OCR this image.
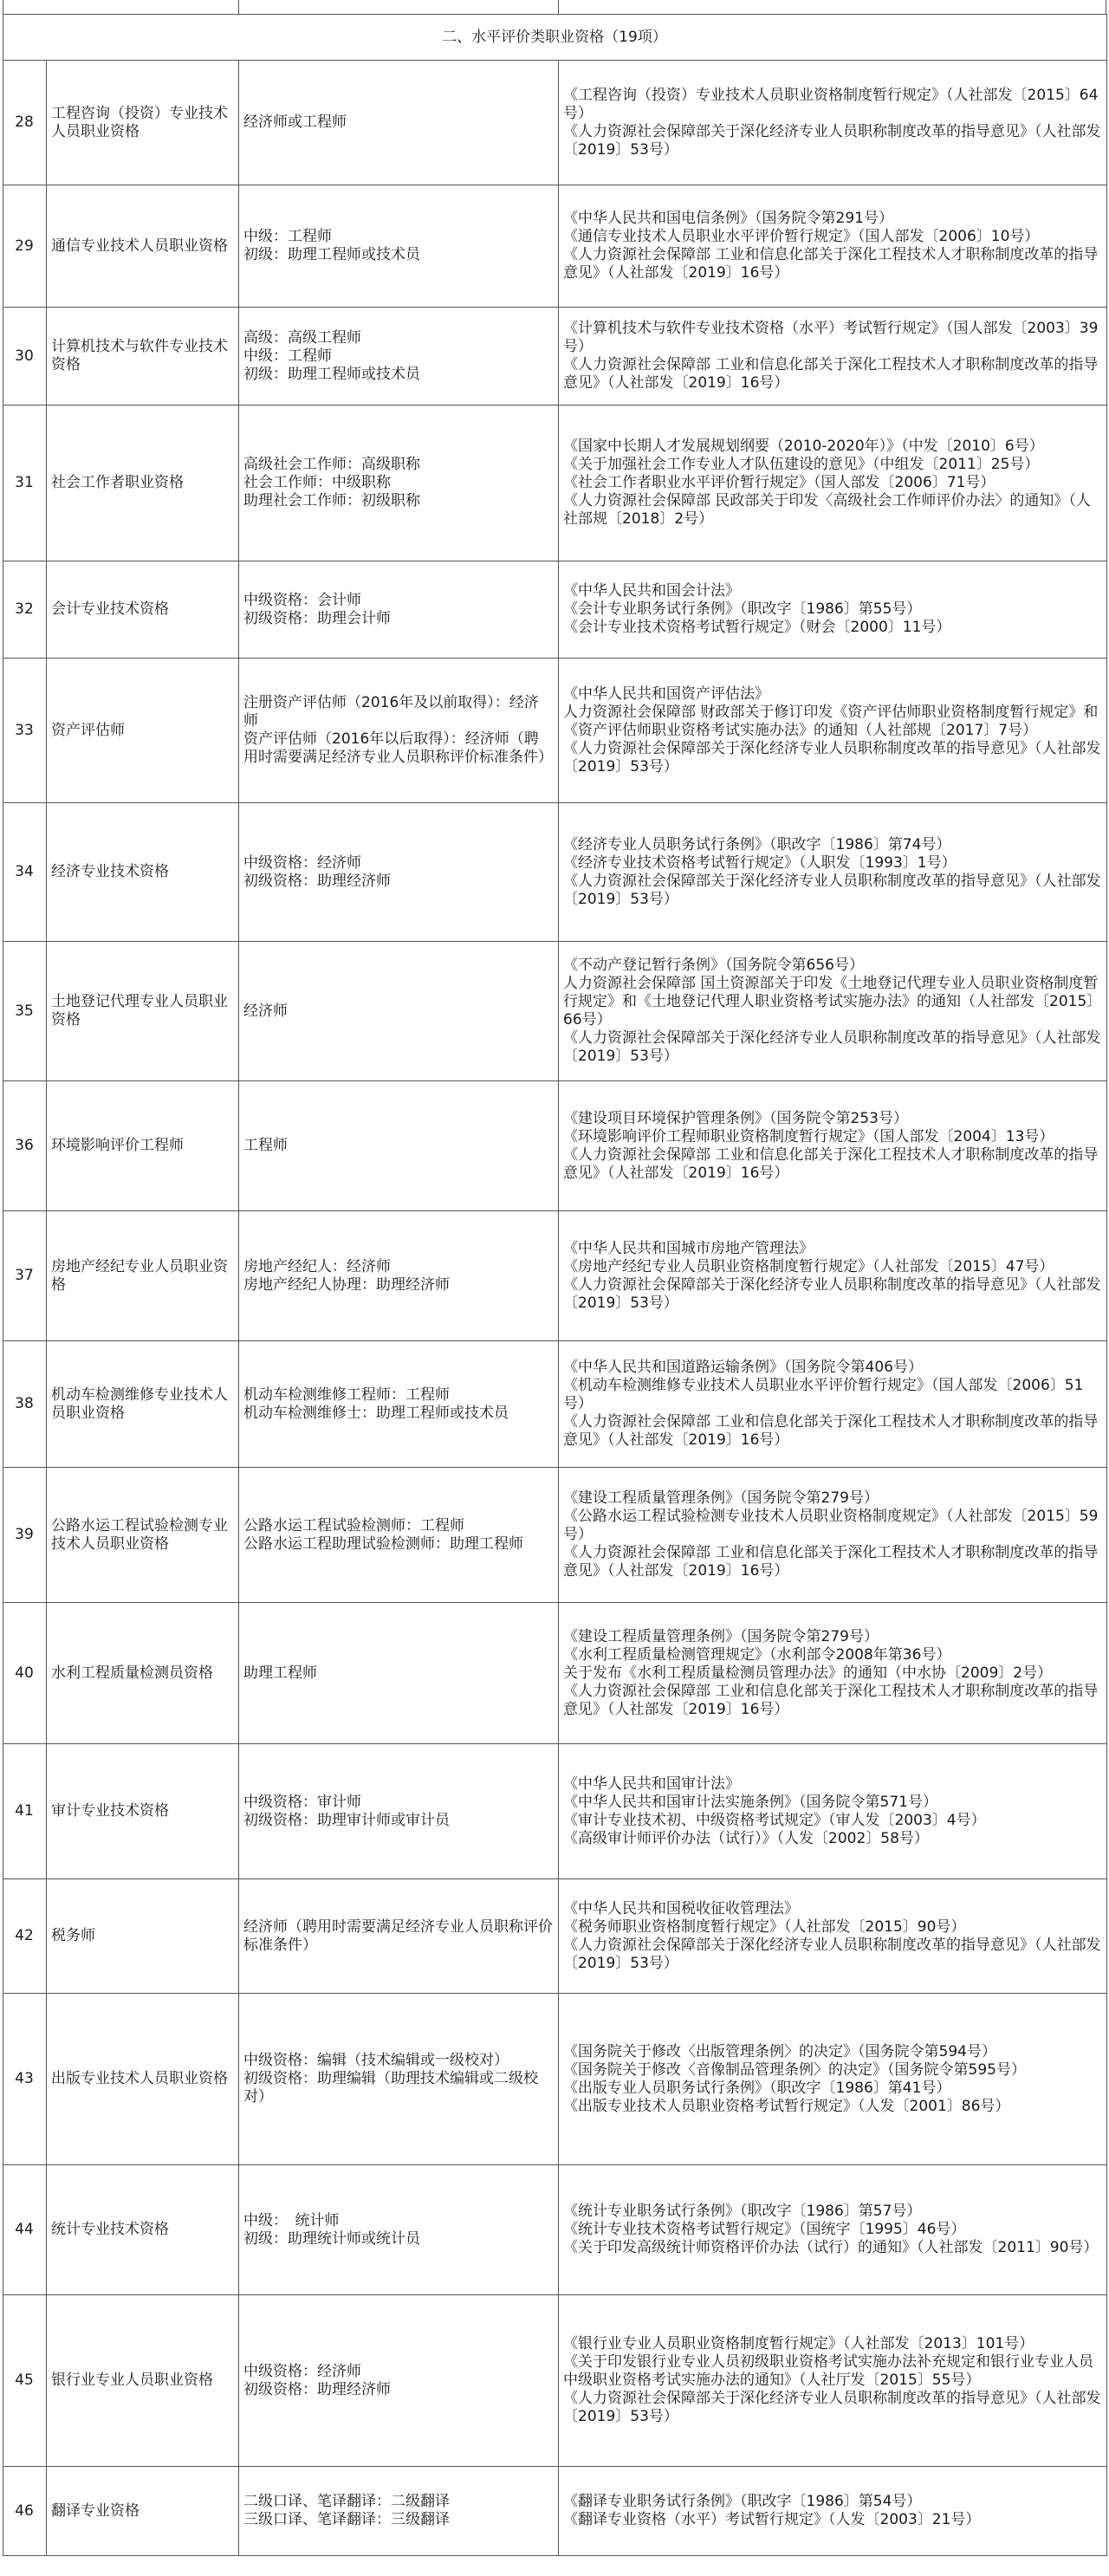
二、水平评价类职业资格（19项）			
28	工程咨询（投资）专业技术人员职业资格	经济师或工程师	《工程咨询（投资）专业技术人员职业资格制度暂行规定》（人社部发〔2015〕64号）
《人力资源社会保障部关于深化经济专业人员职称制度改革的指导意见》（人社部发〔2019〕53号）

29	通信专业技术人员职业资格	中级：工程师
初级：助理工程师或技术员	《中华人民共和国电信条例》（国务院令第291号）
《通信专业技术人员职业水平评价暂行规定》（国人部发〔2006〕10号）
《人力资源社会保障部 工业和信息化部关于深化工程技术人才职称制度改革的指导意见》（人社部发〔2019〕16号）

30	计算机技术与软件专业技术资格	高级：高级工程师
中级：工程师
初级：助理工程师或技术员	《计算机技术与软件专业技术资格（水平）考试暂行规定》（国人部发〔2003〕39号）
《人力资源社会保障部 工业和信息化部关于深化工程技术人才职称制度改革的指导意见》（人社部发〔2019〕16号）

31	社会工作者职业资格	高级社会工作师：高级职称
社会工作师：中级职称
助理社会工作师：初级职称	《国家中长期人才发展规划纲要（2010-2020年）》（中发〔2010〕6号）
《关于加强社会工作专业人才队伍建设的意见》（中组发〔2011〕25号）
《社会工作者职业水平评价暂行规定》（国人部发〔2006〕71号）
《人力资源社会保障部 民政部关于印发〈高级社会工作师评价办法〉的通知》（人社部规〔2018〕2号）

32	会计专业技术资格	中级资格：会计师
初级资格：助理会计师	《中华人民共和国会计法》
《会计专业职务试行条例》（职改字〔1986〕第55号）
《会计专业技术资格考试暂行规定》（财会〔2000〕11号）

33	资产评估师	注册资产评估师（2016年及以前取得）：经济师
资产评估师（2016年以后取得）：经济师（聘用时需要满足经济专业人员职称评价标准条件）	《中华人民共和国资产评估法》
人力资源社会保障部 财政部关于修订印发《资产评估师职业资格制度暂行规定》和《资产评估师职业资格考试实施办法》的通知（人社部规〔2017〕7号）
《人力资源社会保障部关于深化经济专业人员职称制度改革的指导意见》（人社部发〔2019〕53号）

34	经济专业技术资格	中级资格：经济师
初级资格：助理经济师	《经济专业人员职务试行条例》（职改字〔1986〕第74号）
《经济专业技术资格考试暂行规定》（人职发〔1993〕1号）
《人力资源社会保障部关于深化经济专业人员职称制度改革的指导意见》（人社部发〔2019〕53号）

35	土地登记代理专业人员职业资格	经济师	《不动产登记暂行条例》（国务院令第656号）
人力资源社会保障部 国土资源部关于印发《土地登记代理专业人员职业资格制度暂行规定》和《土地登记代理人职业资格考试实施办法》的通知（人社部发〔2015〕66号）
《人力资源社会保障部关于深化经济专业人员职称制度改革的指导意见》（人社部发〔2019〕53号）

36	环境影响评价工程师	工程师	《建设项目环境保护管理条例》（国务院令第253号）
《环境影响评价工程师职业资格制度暂行规定》（国人部发〔2004〕13号）
《人力资源社会保障部 工业和信息化部关于深化工程技术人才职称制度改革的指导意见》（人社部发〔2019〕16号）

37	房地产经纪专业人员职业资格	房地产经纪人：经济师
房地产经纪人协理：助理经济师	《中华人民共和国城市房地产管理法》
《房地产经纪专业人员职业资格制度暂行规定》（人社部发〔2015〕47号）
《人力资源社会保障部关于深化经济专业人员职称制度改革的指导意见》（人社部发〔2019〕53号）

38	机动车检测维修专业技术人员职业资格	机动车检测维修工程师：工程师
机动车检测维修士：助理工程师或技术员	《中华人民共和国道路运输条例》（国务院令第406号）
《机动车检测维修专业技术人员职业水平评价暂行规定》（国人部发〔2006〕51号）
《人力资源社会保障部 工业和信息化部关于深化工程技术人才职称制度改革的指导意见》（人社部发〔2019〕16号）

39	公路水运工程试验检测专业技术人员职业资格	公路水运工程试验检测师：工程师
公路水运工程助理试验检测师：助理工程师	《建设工程质量管理条例》（国务院令第279号）
《公路水运工程试验检测专业技术人员职业资格制度规定》（人社部发〔2015〕59号）
《人力资源社会保障部 工业和信息化部关于深化工程技术人才职称制度改革的指导意见》（人社部发〔2019〕16号）

40	水利工程质量检测员资格	助理工程师	《建设工程质量管理条例》（国务院令第279号）
《水利工程质量检测管理规定》（水利部令2008年第36号）
关于发布《水利工程质量检测员管理办法》的通知（中水协〔2009〕2号）
《人力资源社会保障部 工业和信息化部关于深化工程技术人才职称制度改革的指导意见》（人社部发〔2019〕16号）

41	审计专业技术资格	中级资格：审计师
初级资格：助理审计师或审计员	《中华人民共和国审计法》
《中华人民共和国审计法实施条例》（国务院令第571号）
《审计专业技术初、中级资格考试规定》（审人发〔2003〕4号）
《高级审计师评价办法（试行）》（人发〔2002〕58号）

42	税务师	经济师（聘用时需要满足经济专业人员职称评价标准条件）	《中华人民共和国税收征收管理法》
《税务师职业资格制度暂行规定》（人社部发〔2015〕90号）
《人力资源社会保障部关于深化经济专业人员职称制度改革的指导意见》（人社部发〔2019〕53号）

43	出版专业技术人员职业资格	中级资格：编辑（技术编辑或一级校对）
初级资格：助理编辑（助理技术编辑或二级校对）	《国务院关于修改〈出版管理条例〉的决定》（国务院令第594号）
《国务院关于修改〈音像制品管理条例〉的决定》（国务院令第595号）
《出版专业人员职务试行条例》（职改字〔1986〕第41号）
《出版专业技术人员职业资格考试暂行规定》（人发〔2001〕86号）

44	统计专业技术资格	中级：　统计师
初级：助理统计师或统计员	《统计专业职务试行条例》（职改字〔1986〕第57号）
《统计专业技术资格考试暂行规定》（国统字〔1995〕46号）
《关于印发高级统计师资格评价办法（试行）的通知》（人社部发〔2011〕90号）

45	银行业专业人员职业资格	中级资格：经济师
初级资格：助理经济师	《银行业专业人员职业资格制度暂行规定》（人社部发〔2013〕101号）
《关于印发银行业专业人员初级职业资格考试实施办法补充规定和银行业专业人员中级职业资格考试实施办法的通知》（人社厅发〔2015〕55号）
《人力资源社会保障部关于深化经济专业人员职称制度改革的指导意见》（人社部发〔2019〕53号）

46	翻译专业资格	二级口译、笔译翻译：二级翻译
三级口译、笔译翻译：三级翻译	《翻译专业职务试行条例》（职改字〔1986〕第54号）
《翻译专业资格（水平）考试暂行规定》（人发〔2003〕21号）
